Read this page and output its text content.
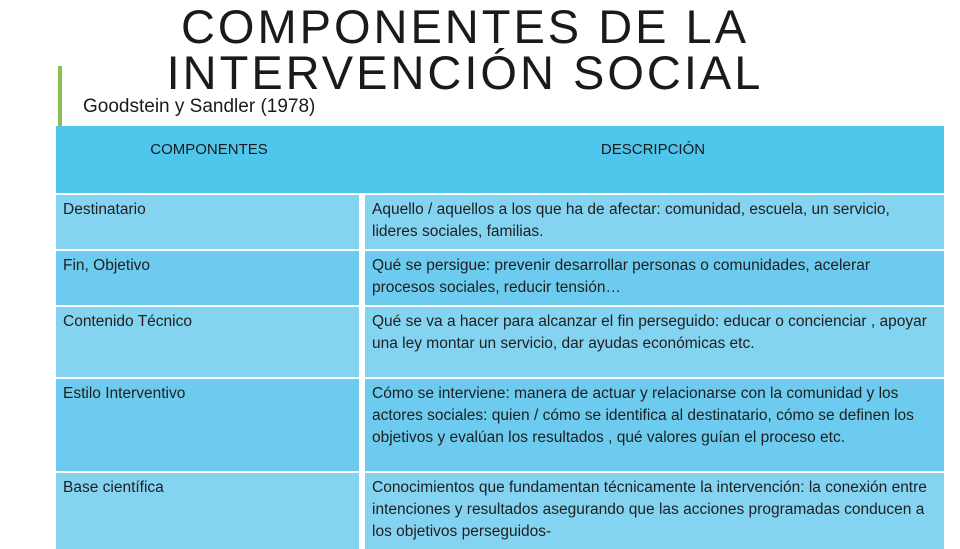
COMPONENTES DE LA
INTERVENCIÓN SOCIAL

Goodstein y Sandler (1978)

COMPONENTES	DESCRIPCIÓN
Destinatario	Aquello / aquellos a los que ha de afectar: comunidad, escuela, un servicio, lideres sociales, familias.
Fin, Objetivo	Qué se persigue: prevenir desarrollar personas o comunidades, acelerar procesos sociales, reducir tensión…
Contenido Técnico	Qué se va a hacer para alcanzar el fin perseguido: educar o concienciar , apoyar una ley montar un servicio, dar ayudas económicas etc.
Estilo Interventivo	Cómo se interviene: manera de actuar y relacionarse con la comunidad y los actores sociales: quien / cómo se identifica al destinatario, cómo se definen los objetivos y evalúan los resultados , qué valores guían el proceso etc.
Base científica	Conocimientos que fundamentan técnicamente la intervención: la conexión entre intenciones y resultados asegurando que las acciones programadas conducen a los objetivos perseguidos-
